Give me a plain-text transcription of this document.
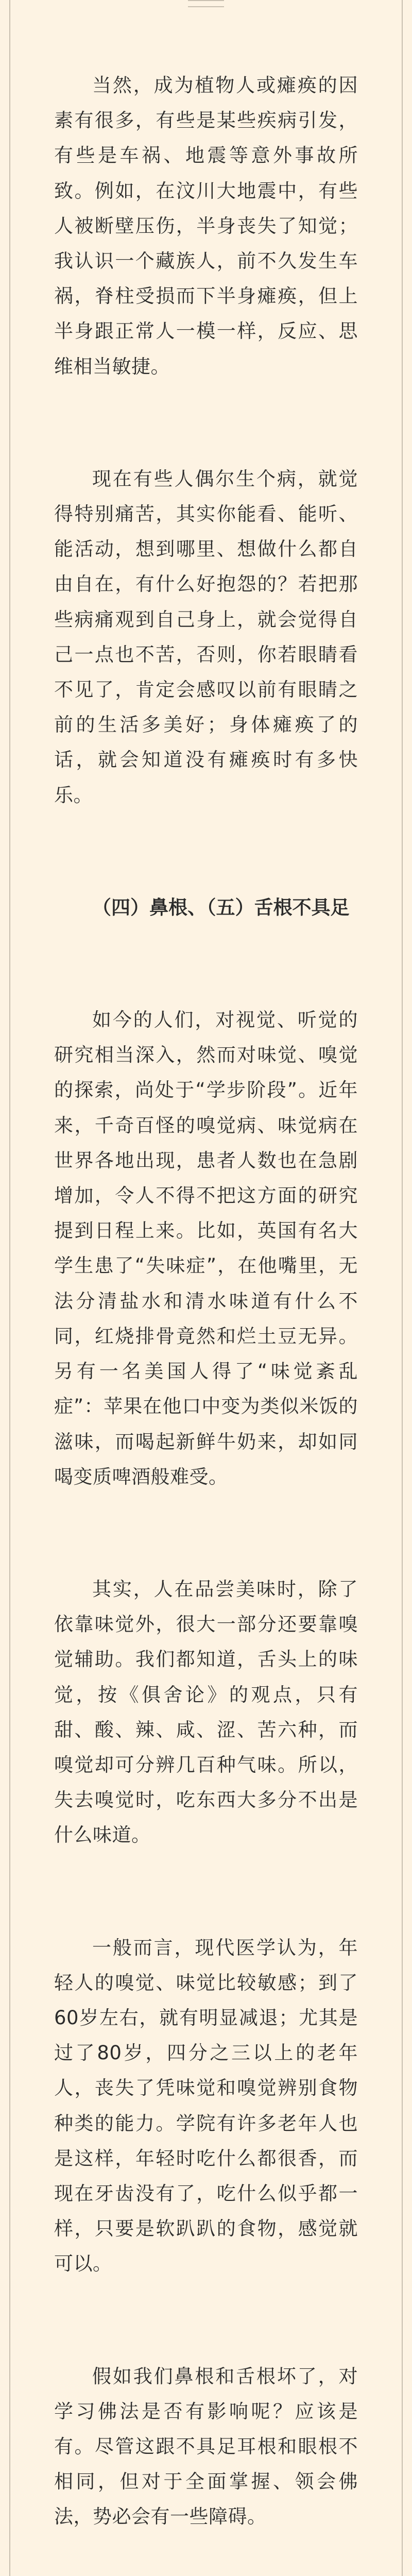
当然，成为植物人或瘫痪的因素有很多，有些是某些疾病引发，有些是车祸、地震等意外事故所致。例如，在汶川大地震中，有些人被断壁压伤，半身丧失了知觉；我认识一个藏族人，前不久发生车祸，脊柱受损而下半身瘫痪，但上半身跟正常人一模一样，反应、思维相当敏捷。

现在有些人偶尔生个病，就觉得特别痛苦，其实你能看、能听、能活动，想到哪里、想做什么都自由自在，有什么好抱怨的？若把那些病痛观到自己身上，就会觉得自己一点也不苦，否则，你若眼睛看不见了，肯定会感叹以前有眼睛之前的生活多美好；身体瘫痪了的话，就会知道没有瘫痪时有多快乐。

（四）鼻根、（五）舌根不具足

如今的人们，对视觉、听觉的研究相当深入，然而对味觉、嗅觉的探索，尚处于“学步阶段”。近年来，千奇百怪的嗅觉病、味觉病在世界各地出现，患者人数也在急剧增加，令人不得不把这方面的研究提到日程上来。比如，英国有名大学生患了“失味症”，在他嘴里，无法分清盐水和清水味道有什么不同，红烧排骨竟然和烂土豆无异。另有一名美国人得了“味觉紊乱症”：苹果在他口中变为类似米饭的滋味，而喝起新鲜牛奶来，却如同喝变质啤酒般难受。

其实，人在品尝美味时，除了依靠味觉外，很大一部分还要靠嗅觉辅助。我们都知道，舌头上的味觉，按《俱舍论》的观点，只有甜、酸、辣、咸、涩、苦六种，而嗅觉却可分辨几百种气味。所以，失去嗅觉时，吃东西大多分不出是什么味道。

一般而言，现代医学认为，年轻人的嗅觉、味觉比较敏感；到了60岁左右，就有明显减退；尤其是过了80岁，四分之三以上的老年人，丧失了凭味觉和嗅觉辨别食物种类的能力。学院有许多老年人也是这样，年轻时吃什么都很香，而现在牙齿没有了，吃什么似乎都一样，只要是软趴趴的食物，感觉就可以。

假如我们鼻根和舌根坏了，对学习佛法是否有影响呢？应该是有。尽管这跟不具足耳根和眼根不相同，但对于全面掌握、领会佛法，势必会有一些障碍。
